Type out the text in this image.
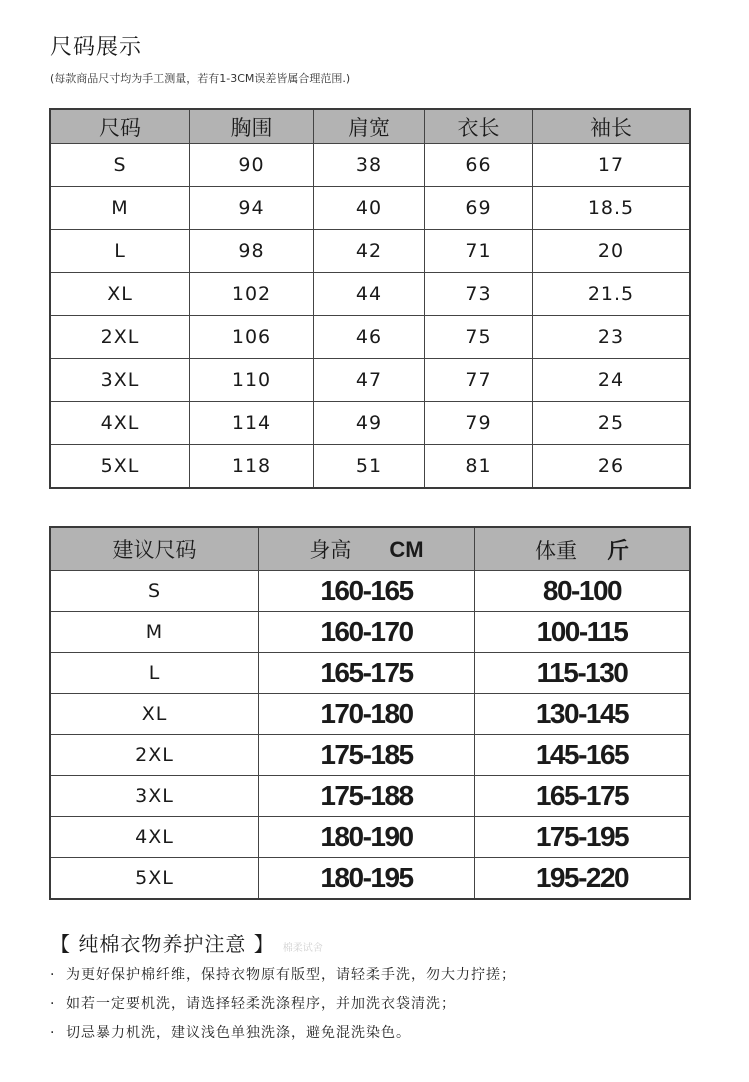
尺码展示
(每款商品尺寸均为手工测量，若有1-3CM误差皆属合理范围.)
尺码	胸围	肩宽	衣长	袖长
S	90	38	66	17
M	94	40	69	18.5
L	98	42	71	20
XL	102	44	73	21.5
2XL	106	46	75	23
3XL	110	47	77	24
4XL	114	49	79	25
5XL	118	51	81	26
建议尺码	身高 CM	体重 斤
S	160-165	80-100
M	160-170	100-115
L	165-175	115-130
XL	170-180	130-145
2XL	175-185	145-165
3XL	175-188	165-175
4XL	180-190	175-195
5XL	180-195	195-220
【 纯棉衣物养护注意 】 棉柔试舍
· 为更好保护棉纤维，保持衣物原有版型，请轻柔手洗，勿大力拧搓；
· 如若一定要机洗，请选择轻柔洗涤程序，并加洗衣袋清洗；
· 切忌暴力机洗，建议浅色单独洗涤，避免混洗染色。
